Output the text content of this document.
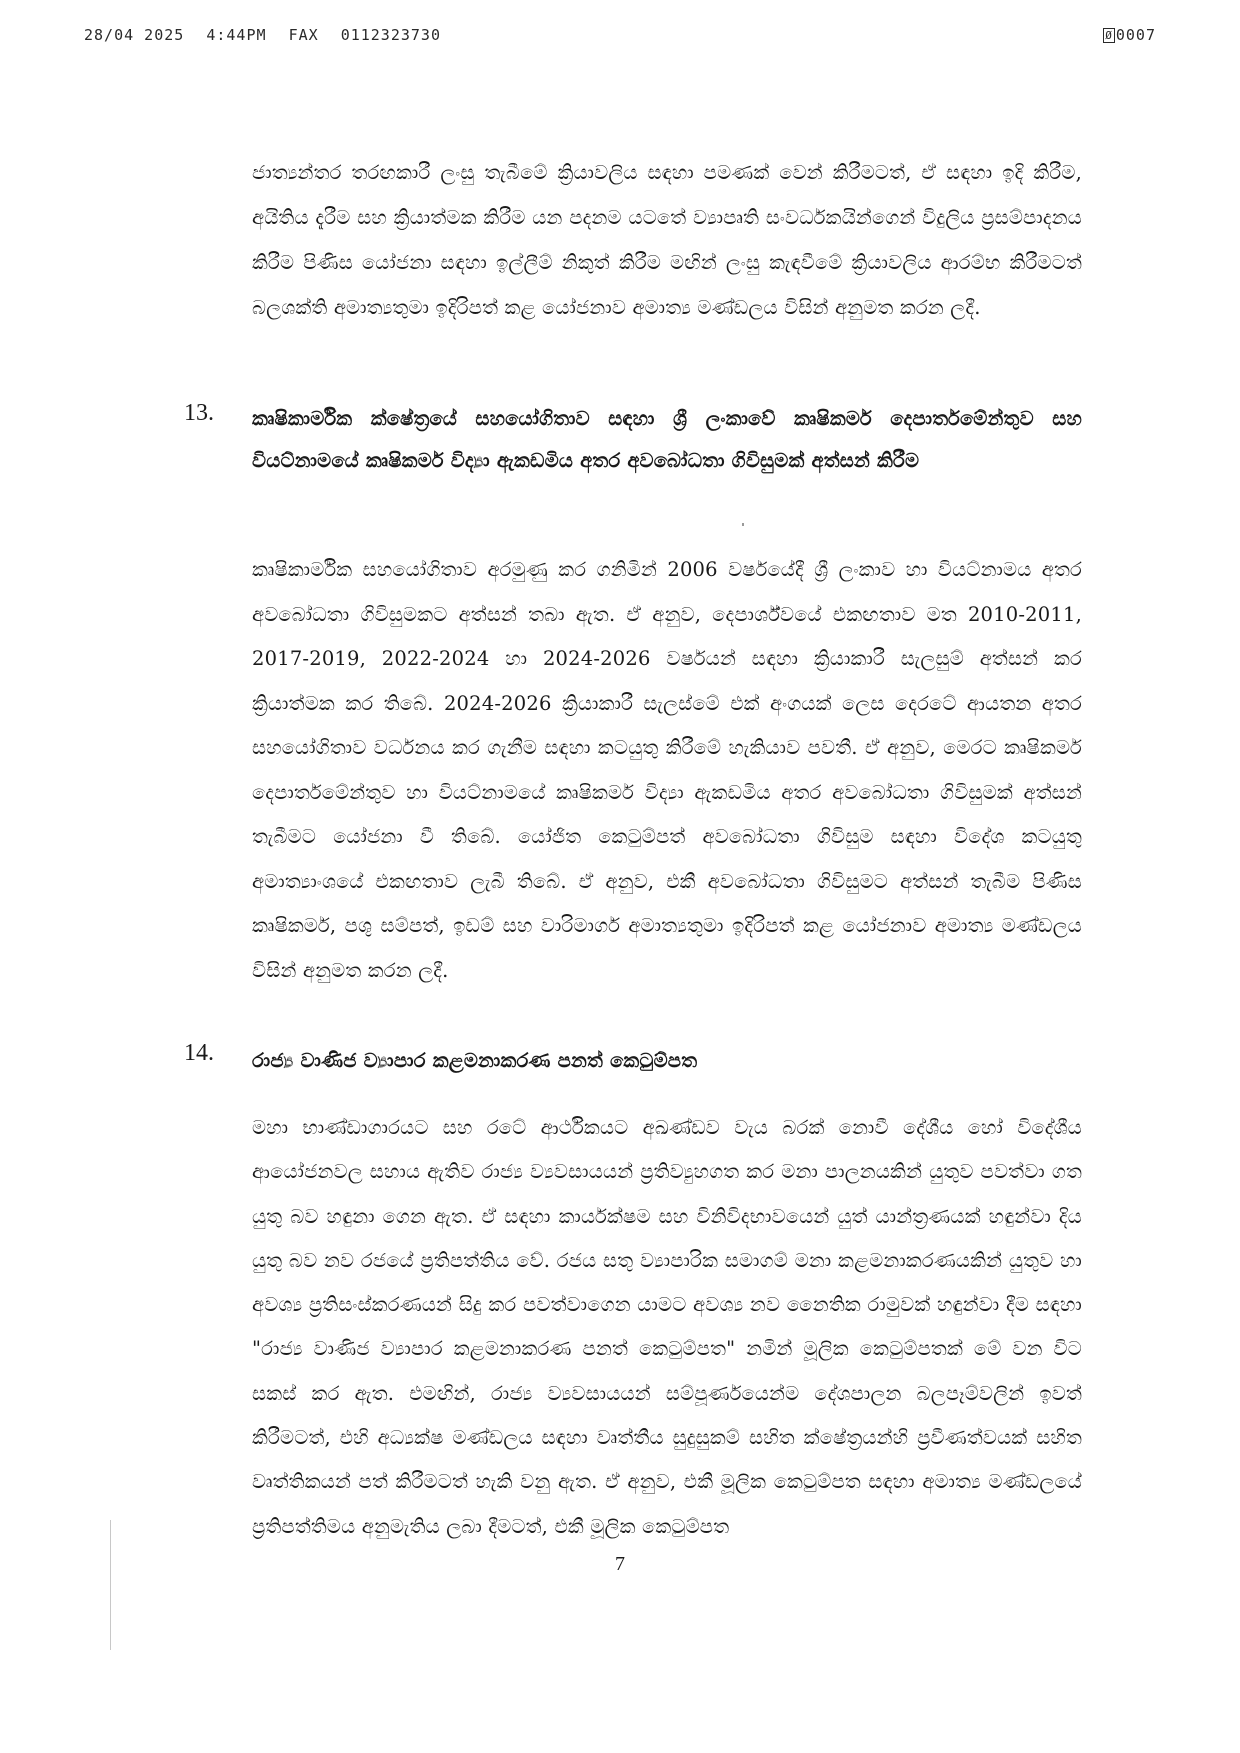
28/04 2025 4:44PM FAX 0112323730	Ø 0007
ජාත්‍යන්තර තරඟකාරී ලංසු තැබීමේ ක්‍රියාවලිය සඳහා පමණක් වෙන් කිරීමටත්, ඒ සඳහා ඉදි කිරීම, අයිතිය දැරීම සහ ක්‍රියාත්මක කිරීම යන පදනම යටතේ ව්‍යාපෘති සංවර්ධකයින්ගෙන් විදුලිය ප්‍රසම්පාදනය කිරීම පිණිස යෝජනා සඳහා ඉල්ලීම් නිකුත් කිරීම මඟින් ලංසු කැඳවීමේ ක්‍රියාවලිය ආරම්භ කිරීමටත් බලශක්ති අමාත්‍යතුමා ඉදිරිපත් කළ යෝජනාව අමාත්‍ය මණ්ඩලය විසින් අනුමත කරන ලදී.
13. කෘෂිකාර්මික ක්ෂේත්‍රයේ සහයෝගිතාව සඳහා ශ්‍රී ලංකාවේ කෘෂිකර්ම දෙපාර්තමේන්තුව සහ වියට්නාමයේ කෘෂිකර්ම විද්‍යා ඇකඩමිය අතර අවබෝධතා ගිවිසුමක් අත්සන් කිරීම
කෘෂිකාර්මික සහයෝගිතාව අරමුණු කර ගනිමින් 2006 වර්ෂයේදී ශ්‍රී ලංකාව හා වියට්නාමය අතර අවබෝධතා ගිවිසුමකට අත්සන් තබා ඇත. ඒ අනුව, දෙපාර්ශ්වයේ එකඟතාව මත 2010-2011, 2017-2019, 2022-2024 හා 2024-2026 වර්ෂයන් සඳහා ක්‍රියාකාරී සැලසුම් අත්සන් කර ක්‍රියාත්මක කර තිබේ. 2024-2026 ක්‍රියාකාරී සැලස්මේ එක් අංගයක් ලෙස දෙරටේ ආයතන අතර සහයෝගිතාව වර්ධනය කර ගැනීම සඳහා කටයුතු කිරීමේ හැකියාව පවතී. ඒ අනුව, මෙරට කෘෂිකර්ම දෙපාර්තමේන්තුව හා වියට්නාමයේ කෘෂිකර්ම විද්‍යා ඇකඩමිය අතර අවබෝධතා ගිවිසුමක් අත්සන් තැබීමට යෝජනා වී තිබේ. යෝජිත කෙටුම්පත් අවබෝධතා ගිවිසුම සඳහා විදේශ කටයුතු අමාත්‍යාංශයේ එකඟතාව ලැබී තිබේ. ඒ අනුව, එකී අවබෝධතා ගිවිසුමට අත්සන් තැබීම පිණිස කෘෂිකර්ම, පශු සම්පත්, ඉඩම් සහ වාරිමාර්ග අමාත්‍යතුමා ඉදිරිපත් කළ යෝජනාව අමාත්‍ය මණ්ඩලය විසින් අනුමත කරන ලදී.
14. රාජ්‍ය වාණිජ ව්‍යාපාර කළමනාකරණ පනත් කෙටුම්පත
මහා භාණ්ඩාගාරයට සහ රටේ ආර්ථිකයට අඛණ්ඩව වැය බරක් නොවී දේශීය හෝ විදේශීය ආයෝජනවල සහාය ඇතිව රාජ්‍ය ව්‍යවසායයන් ප්‍රතිව්‍යුහගත කර මනා පාලනයකින් යුතුව පවත්වා ගත යුතු බව හඳුනා ගෙන ඇත. ඒ සඳහා කාර්යක්ෂම සහ විනිවිදභාවයෙන් යුත් යාන්ත්‍රණයක් හඳුන්වා දිය යුතු බව නව රජයේ ප්‍රතිපත්තිය වේ. රජය සතු ව්‍යාපාරික සමාගම් මනා කළමනාකරණයකින් යුතුව හා අවශ්‍ය ප්‍රතිසංස්කරණයන් සිදු කර පවත්වාගෙන යාමට අවශ්‍ය නව නෛතික රාමුවක් හඳුන්වා දීම සඳහා "රාජ්‍ය වාණිජ ව්‍යාපාර කළමනාකරණ පනත් කෙටුම්පත" නමින් මූලික කෙටුම්පතක් මේ වන විට සකස් කර ඇත. එමඟින්, රාජ්‍ය ව්‍යවසායයන් සම්පූර්ණයෙන්ම දේශපාලන බලපෑම්වලින් ඉවත් කිරීමටත්, එහි අධ්‍යක්ෂ මණ්ඩලය සඳහා වෘත්තීය සුදුසුකම් සහිත ක්ෂේත්‍රයන්හි ප්‍රවීණත්වයක් සහිත වෘත්තිකයන් පත් කිරීමටත් හැකි වනු ඇත. ඒ අනුව, එකී මූලික කෙටුම්පත සඳහා අමාත්‍ය මණ්ඩලයේ ප්‍රතිපත්තිමය අනුමැතිය ලබා දීමටත්, එකී මූලික කෙටුම්පත
7
